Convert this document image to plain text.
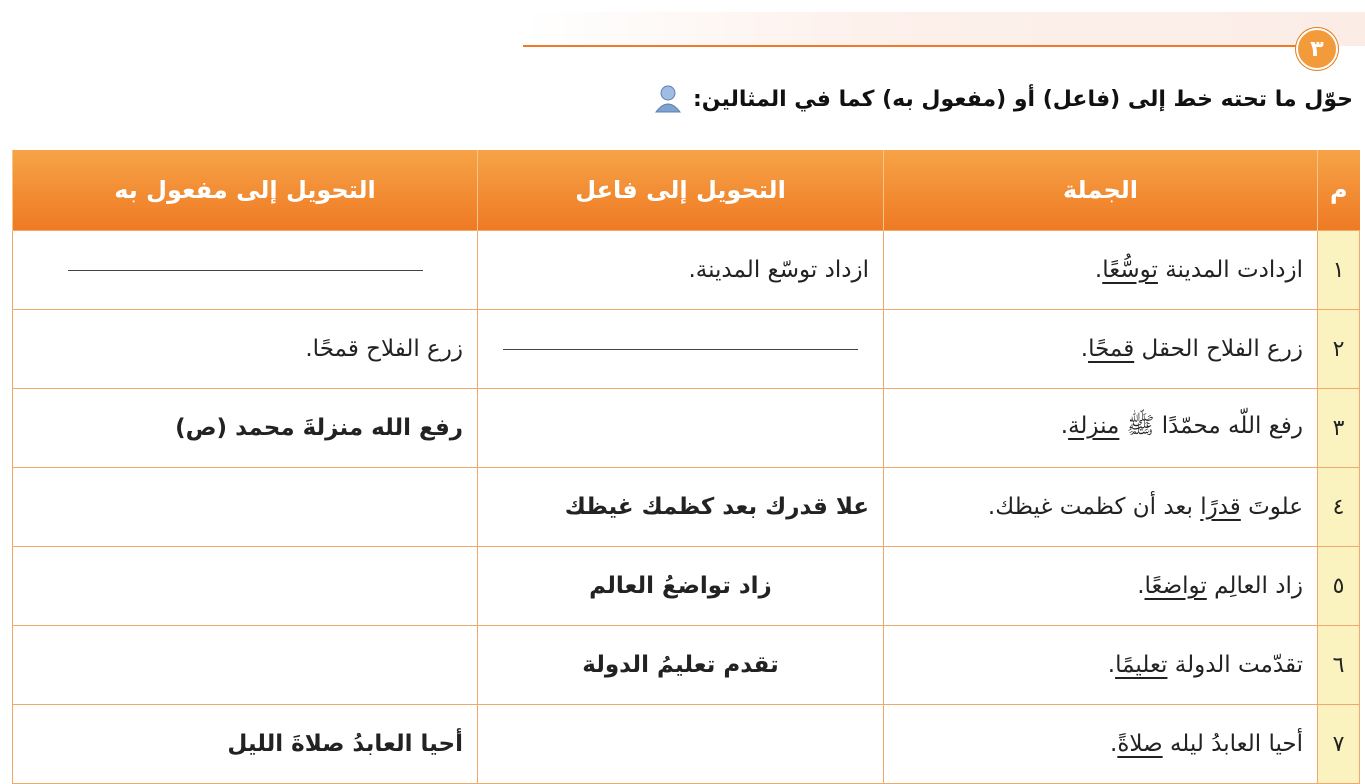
٣
حوّل ما تحته خط إلى (فاعل) أو (مفعول به) كما في المثالين:
م	الجملة	التحويل إلى فاعل	التحويل إلى مفعول به
١	ازدادت المدينة توسُّعًا.	ازداد توسّع المدينة.	
٢	زرع الفلاح الحقل قمحًا.		زرع الفلاح قمحًا.
٣	رفع اللّه محمّدًا ﷺ منزلة.		رفع الله منزلةَ محمد (ص)
٤	علوتَ قدرًا بعد أن كظمت غيظك.	علا قدرك بعد كظمك غيظك	
٥	زاد العالِم تواضعًا.	زاد تواضعُ العالم	
٦	تقدّمت الدولة تعليمًا.	تقدم تعليمُ الدولة	
٧	أحيا العابدُ ليله صلاةً.		أحيا العابدُ صلاةَ الليل
